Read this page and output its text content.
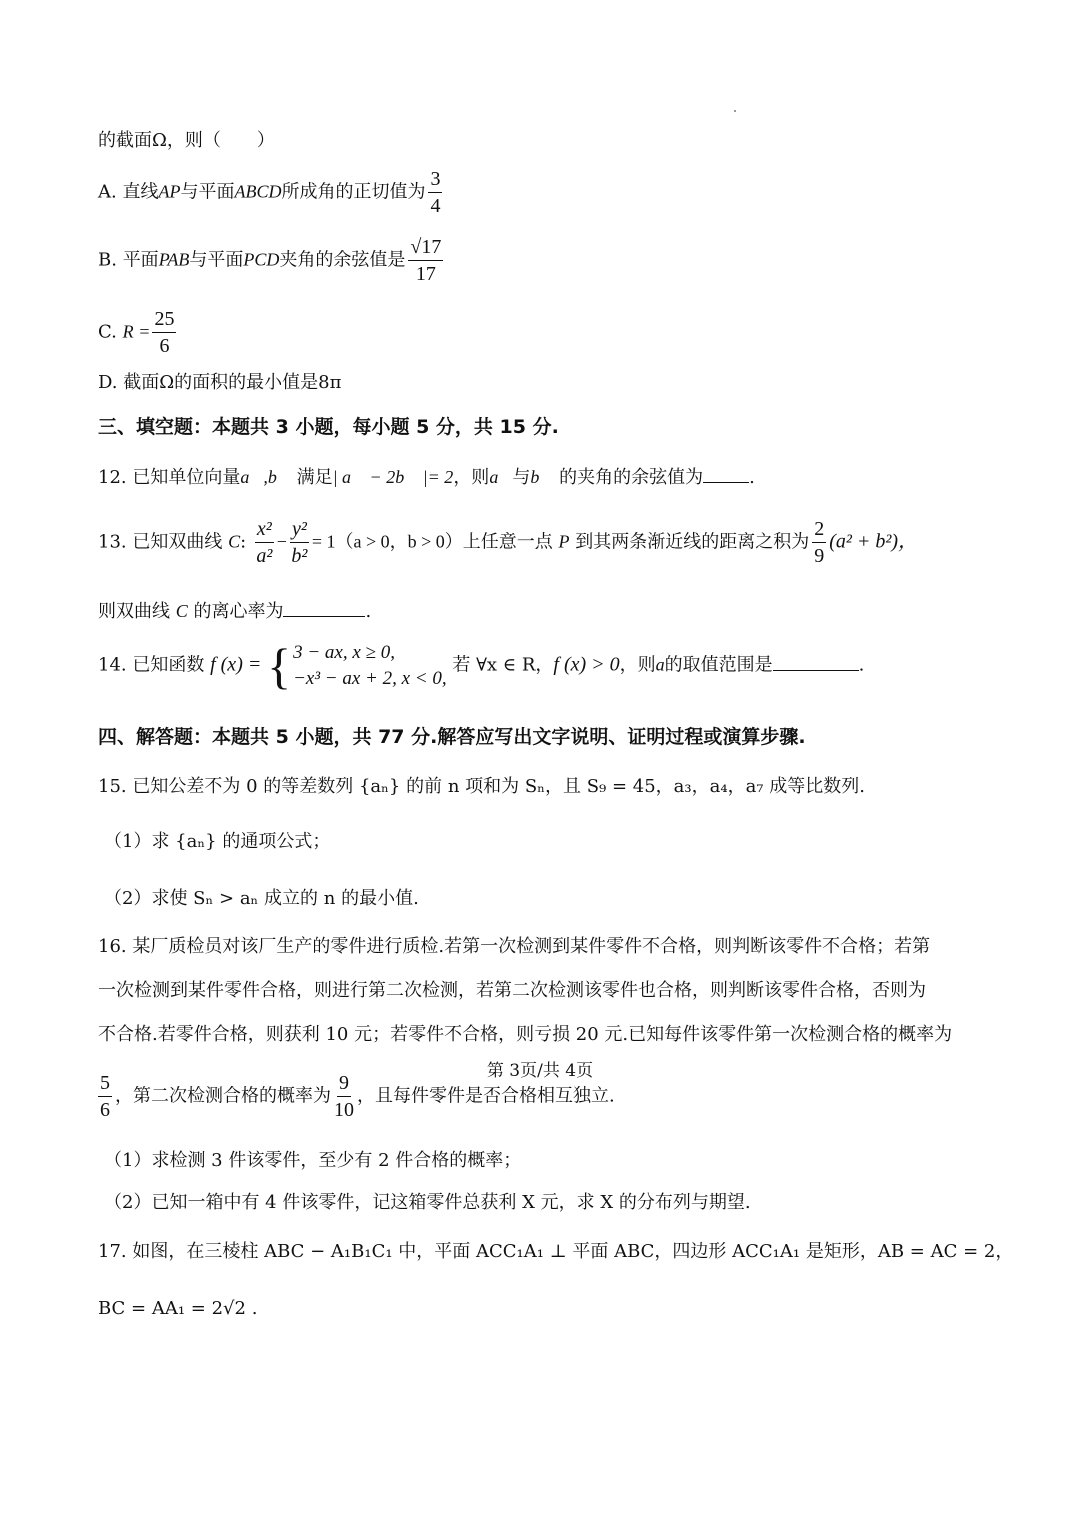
的截面Ω，则（　　）
A. 直线AP与平面ABCD所成角的正切值为 $\frac{3}{4}$
B. 平面PAB与平面PCD夹角的余弦值是 $\frac{√17}{17}$
C. $R = \frac{25}{6}$
D. 截面Ω的面积的最小值是8π
三、填空题：本题共 3 小题，每小题 5 分，共 15 分.
12. 已知单位向量a⃗,b⃗ 满足| a⃗ − 2b⃗ |= 2，则a⃗与b⃗ 的夹角的余弦值为	.
13. 已知双曲线 C: $\frac{\text{x²}}{\text{a²}} - \frac{\text{y²}}{\text{b²}} = 1(a > 0$，b > 0）上任意一点 P 到其两条渐近线的距离之积为 $\frac{2}{9} (a^2 + b^2)$，
则双曲线 C 的离心率为	.
14. 已知函数 f (x) = { 3 − ax, x ≥ 0,
−x³ − ax + 2, x < 0,
若 ∀x ∈ R，f (x) > 0，则a的取值范围是	.
四、解答题：本题共 5 小题，共 77 分.解答应写出文字说明、证明过程或演算步骤.
15. 已知公差不为 0 的等差数列 {aₙ} 的前 n 项和为 Sₙ，且 S₉ = 45，a₃，a₄，a₇ 成等比数列.
（1）求 {aₙ} 的通项公式；
（2）求使 Sₙ > aₙ 成立的 n 的最小值.
16. 某厂质检员对该厂生产的零件进行质检.若第一次检测到某件零件不合格，则判断该零件不合格；若第
一次检测到某件零件合格，则进行第二次检测，若第二次检测该零件也合格，则判断该零件合格，否则为
不合格.若零件合格，则获利 10 元；若零件不合格，则亏损 20 元.已知每件该零件第一次检测合格的概率为
$\frac{5}{6}$ ，第二次检测合格的概率为 $\frac{9}{10}$ ，且每件零件是否合格相互独立.
（1）求检测 3 件该零件，至少有 2 件合格的概率；
（2）已知一箱中有 4 件该零件，记这箱零件总获利 X 元，求 X 的分布列与期望.
17. 如图，在三棱柱 ABC − A₁B₁C₁ 中，平面 ACC₁A₁ ⊥ 平面 ABC，四边形 ACC₁A₁ 是矩形，AB = AC = 2，
BC = AA₁ = 2√2 .
第 3页/共 4页
